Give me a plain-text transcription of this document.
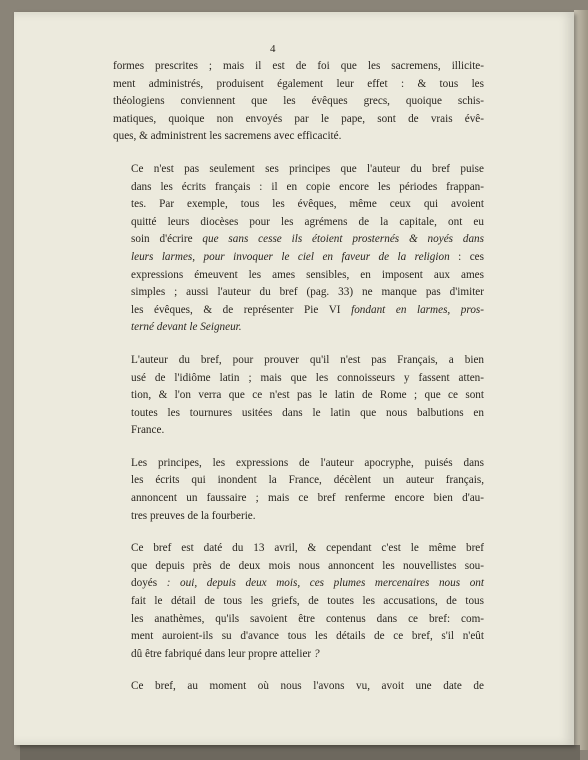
4

formes prescrites ; mais il est de foi que les sacremens, illicite-
ment administrés, produisent également leur effet : & tous les
théologiens conviennent que les évêques grecs, quoique schis-
matiques, quoique non envoyés par le pape, sont de vrais évê-
ques, & administrent les sacremens avec efficacité.

Ce n'est pas seulement ses principes que l'auteur du bref puise
dans les écrits français : il en copie encore les périodes frappan-
tes. Par exemple, tous les évêques, même ceux qui avoient
quitté leurs diocèses pour les agrémens de la capitale, ont eu
soin d'écrire que sans cesse ils étoient prosternés & noyés dans
leurs larmes, pour invoquer le ciel en faveur de la religion : ces
expressions émeuvent les ames sensibles, en imposent aux ames
simples ; aussi l'auteur du bref (pag. 33) ne manque pas d'imiter
les évêques, & de représenter Pie VI fondant en larmes, pros-
terné devant le Seigneur.

L'auteur du bref, pour prouver qu'il n'est pas Français, a bien
usé de l'idiôme latin ; mais que les connoisseurs y fassent atten-
tion, & l'on verra que ce n'est pas le latin de Rome ; que ce sont
toutes les tournures usitées dans le latin que nous balbutions en
France.

Les principes, les expressions de l'auteur apocryphe, puisés dans
les écrits qui inondent la France, décèlent un auteur français,
annoncent un faussaire ; mais ce bref renferme encore bien d'au-
tres preuves de la fourberie.

Ce bref est daté du 13 avril, & cependant c'est le même bref
que depuis près de deux mois nous annoncent les nouvellistes sou-
doyés : oui, depuis deux mois, ces plumes mercenaires nous ont
fait le détail de tous les griefs, de toutes les accusations, de tous
les anathèmes, qu'ils savoient être contenus dans ce bref: com-
ment auroient-ils su d'avance tous les détails de ce bref, s'il n'eût
dû être fabriqué dans leur propre attelier ?

Ce bref, au moment où nous l'avons vu, avoit une date de
